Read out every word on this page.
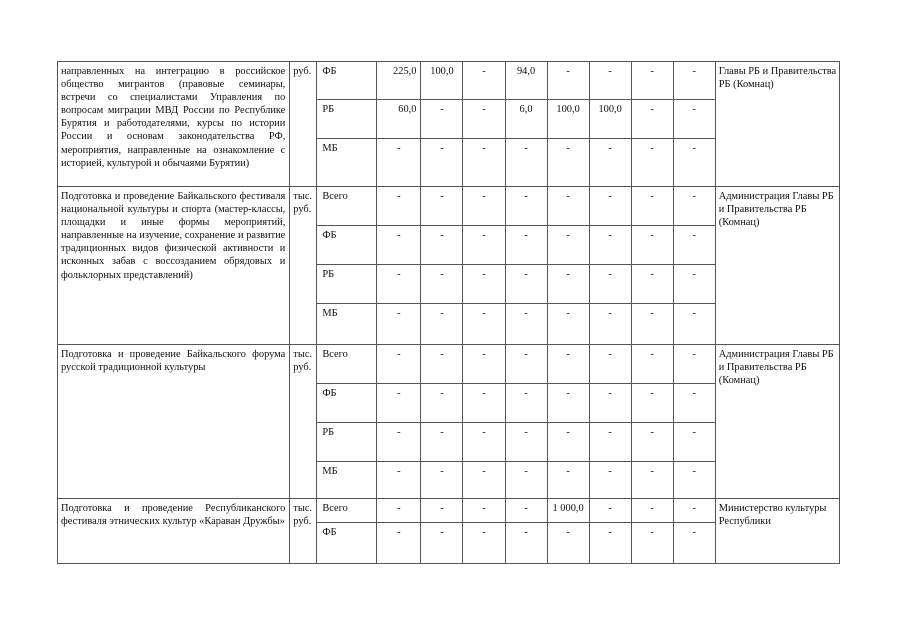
направленных на интеграцию в российское общество мигрантов (правовые семинары, встречи со специалистами Управления по вопросам миграции МВД России по Республике Бурятия и работодателями, курсы по истории России и основам законодательства РФ, мероприятия, направленные на ознакомление с историей, культурой и обычаями Бурятии)	руб.	ФБ	225,0	100,0	-	94,0	-	-	-	-	Главы РБ и Правительства РБ (Комнац)
		РБ	60,0	-	-	6,0	100,0	100,0	-	-	
		МБ	-	-	-	-	-	-	-	-	
Подготовка и проведение Байкальского фестиваля национальной культуры и спорта (мастер-классы, площадки и иные формы мероприятий, направленные на изучение, сохранение и развитие традиционных видов физической активности и исконных забав с воссозданием обрядовых и фольклорных представлений)	тыс. руб.	Всего	-	-	-	-	-	-	-	-	Администрация Главы РБ и Правительства РБ (Комнац)
		ФБ	-	-	-	-	-	-	-	-	
		РБ	-	-	-	-	-	-	-	-	
		МБ	-	-	-	-	-	-	-	-	
Подготовка и проведение Байкальского форума русской традиционной культуры	тыс. руб.	Всего	-	-	-	-	-	-	-	-	Администрация Главы РБ и Правительства РБ (Комнац)
		ФБ	-	-	-	-	-	-	-	-	
		РБ	-	-	-	-	-	-	-	-	
		МБ	-	-	-	-	-	-	-	-	
Подготовка и проведение Республиканского фестиваля этнических культур «Караван Дружбы»	тыс. руб.	Всего	-	-	-	-	1 000,0	-	-	-	Министерство культуры Республики
		ФБ	-	-	-	-	-	-	-	-	
